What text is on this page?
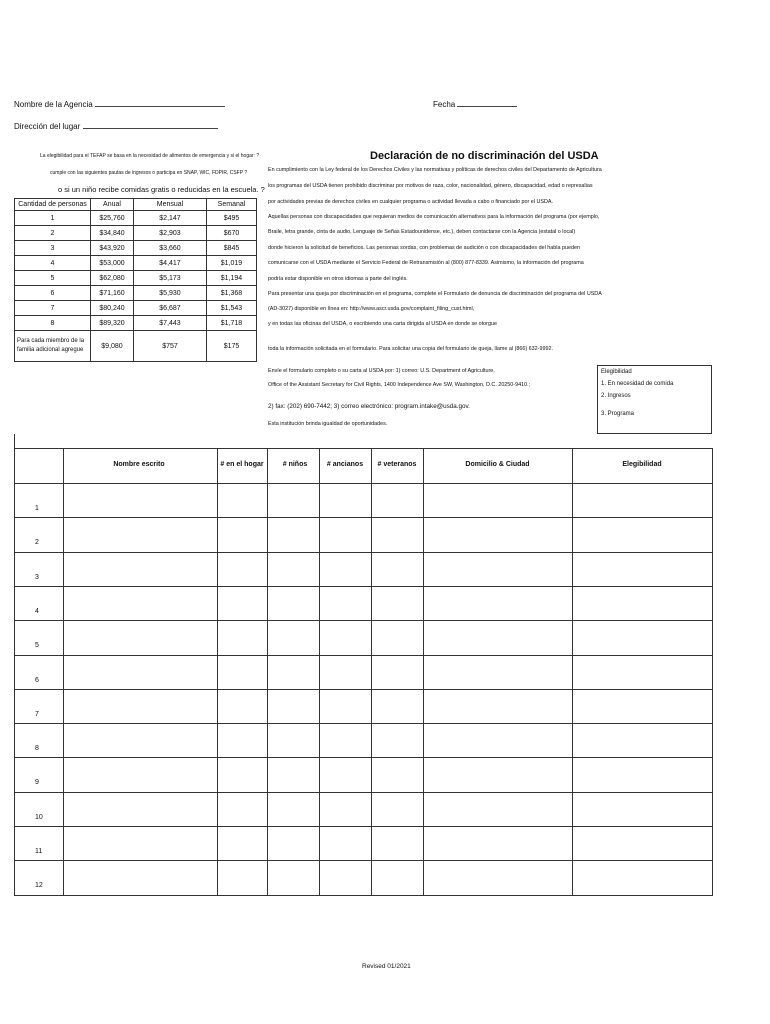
Nombre de la Agencia	Fecha
Dirección del lugar
La elegibilidad para el TEFAP se basa en la necesidad de alimentos de emergencia y si el hogar: ?
cumple con las siguientes pautas de ingresos o participa en SNAP, WIC, FDPIR, CSFP ?
o si un niño recibe comidas gratis o reducidas en la escuela. ?
Cantidad de personas	Anual	Mensual	Semanal
1	$25,760	$2,147	$495
2	$34,840	$2,903	$670
3	$43,920	$3,660	$845
4	$53,000	$4,417	$1,019
5	$62,080	$5,173	$1,194
6	$71,160	$5,930	$1,368
7	$80,240	$6,687	$1,543
8	$89,320	$7,443	$1,718
Para cada miembro de la familia adicional agregue	$9,080	$757	$175
Declaración de no discriminación del USDA
En cumplimiento con la Ley federal de los Derechos Civiles y las normativas y políticas de derechos civiles del Departamento de Agricultura
los programas del USDA tienen prohibido discriminar por motivos de raza, color, nacionalidad, género, discapacidad, edad o represalias
por actividades previas de derechos civiles en cualquier programa o actividad llevada a cabo o financiado por el USDA.
Aquellas personas con discapacidades que requieran medios de comunicación alternativos para la información del programa (por ejemplo,
Braile, letra grande, cinta de audio, Lenguaje de Señas Estadounidense, etc.), deben contactarse con la Agencia (estatal o local)
donde hicieron la solicitud de beneficios. Las personas sordas, con problemas de audición o con discapacidades del habla pueden
comunicarse con el USDA mediante el Servicio Federal de Retransmisión al (800) 877-8339. Asimismo, la información del programa
podría estar disponible en otros idiomas a parte del inglés.
Para presentar una queja por discriminación en el programa, complete el Formulario de denuncia de discriminación del programa del USDA
(AD-3027) disponible en línea en: http://www.ascr.usda.gov/complaint_filing_cust.html,
y en todas las oficinas del USDA, o escribiendo una carta dirigida al USDA en donde se otorgue
toda la información solicitada en el formulario. Para solicitar una copia del formulario de queja, llame al (866) 632-9992.
Envíe el formulario completo o su carta al USDA por: 1) correo: U.S. Department of Agriculture,
Office of the Assistant Secretary for Civil Rights, 1400 Independence Ave SW, Washington, D.C. 20250-9410.;
2) fax: (202) 690-7442; 3) correo electrónico: program.intake@usda.gov.
Esta institución brinda igualdad de oportunidades.
Elegibilidad
1. En necesidad de comida
2. Ingresos
3. Programa
Nombre escrito	# en el hogar	# niños	# ancianos	# veteranos	Domicilio & Ciudad	Elegibilidad
1
2
3
4
5
6
7
8
9
10
11
12
Revised 01/2021
